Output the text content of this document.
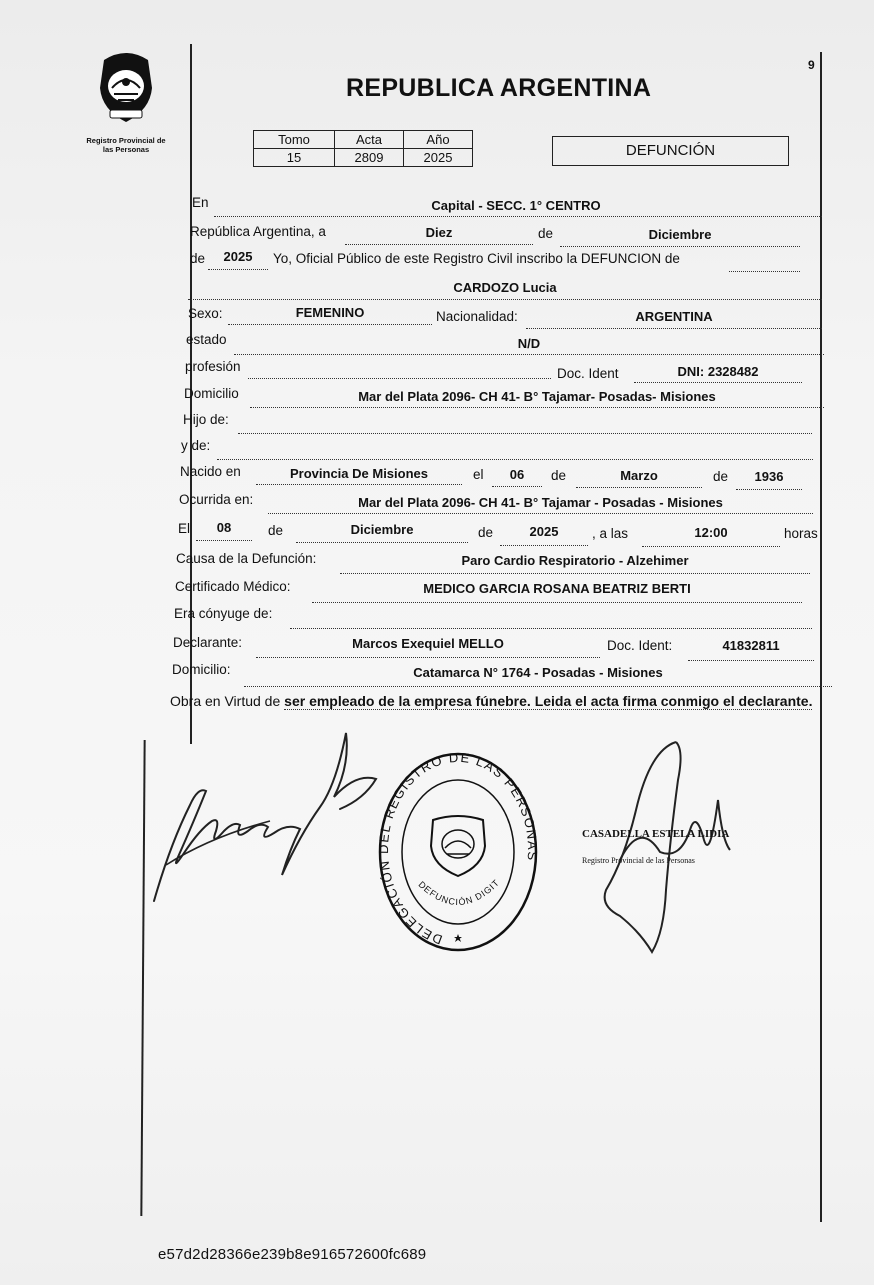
9
Registro Provincial de
las Personas
REPUBLICA ARGENTINA
Tomo	Acta	Año
15	2809	2025	DEFUNCIÓN
En	Capital - SECC. 1° CENTRO
República Argentina, a	Diez	de	Diciembre
de	2025	Yo, Oficial Público de este Registro Civil inscribo la DEFUNCION de
CARDOZO Lucia
Sexo:	FEMENINO	Nacionalidad:	ARGENTINA
estado	N/D
profesión	Doc. Ident	DNI: 2328482
Domicilio	Mar del Plata 2096- CH 41- B° Tajamar- Posadas- Misiones
Hijo de:
y de:
Nacido en	Provincia De Misiones	el	06	de	Marzo	de	1936
Ocurrida en:	Mar del Plata 2096- CH 41- B° Tajamar - Posadas - Misiones
El	08	de	Diciembre	de	2025	, a las	12:00	horas
Causa de la Defunción:	Paro Cardio Respiratorio - Alzehimer
Certificado Médico:	MEDICO GARCIA ROSANA BEATRIZ BERTI
Era cónyuge de:
Declarante:	Marcos Exequiel MELLO	Doc. Ident:	41832811
Domicilio:	Catamarca N° 1764 - Posadas - Misiones
Obra en Virtud de ser empleado de la empresa fúnebre. Leida el acta firma conmigo el declarante.
DELEGACIÓN DEL REGISTRO DE LAS PERSONAS
DEFUNCIÓN DIGIT
CASADELLA ESTELA LIDIA
Registro Provincial de las Personas
e57d2d28366e239b8e916572600fc689
